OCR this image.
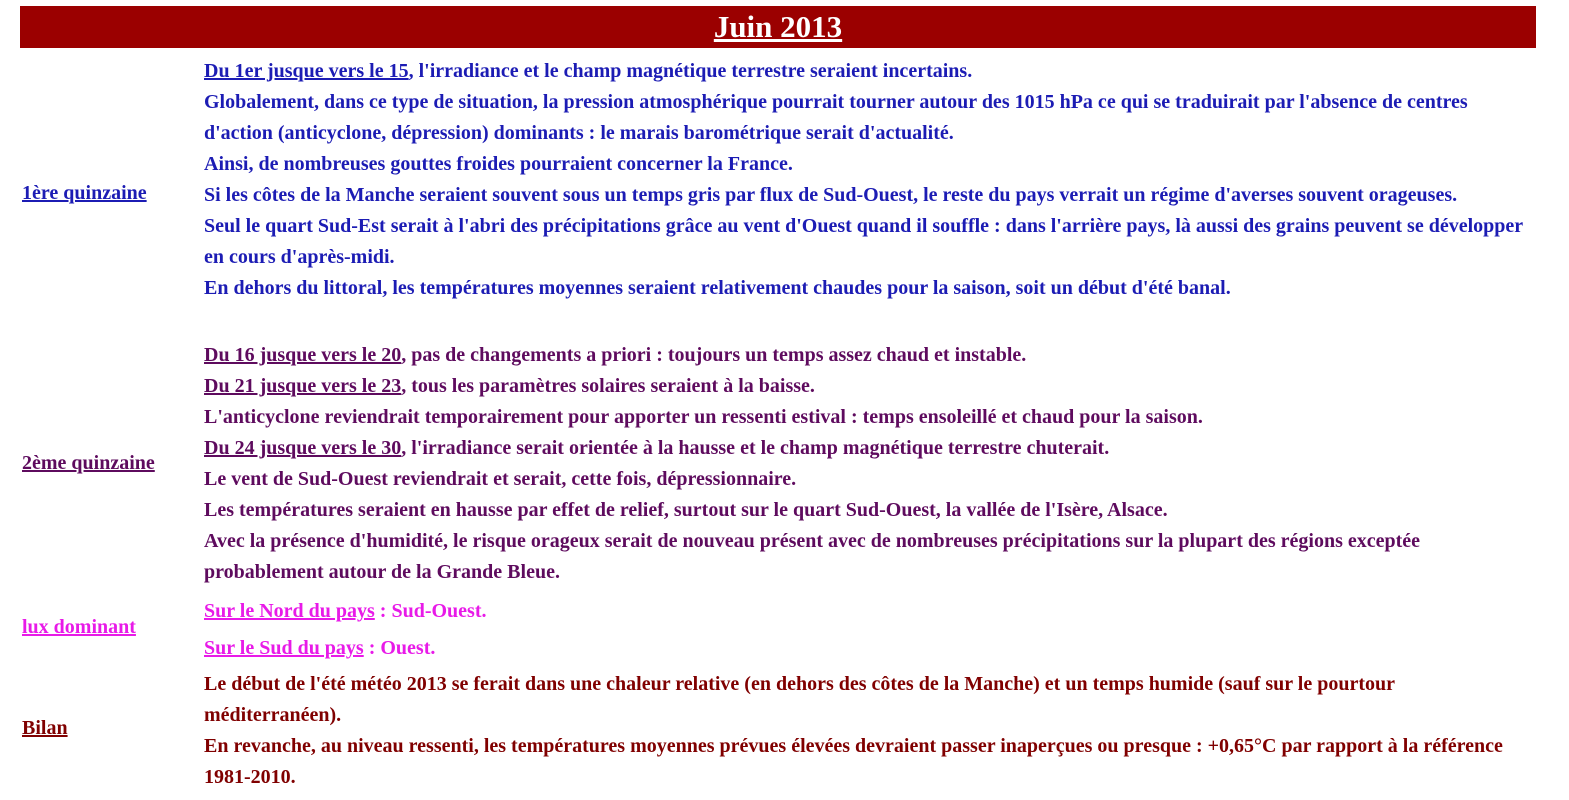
Juin 2013
1ère quinzaine

Du 1er jusque vers le 15, l'irradiance et le champ magnétique terrestre seraient incertains.

Globalement, dans ce type de situation, la pression atmosphérique pourrait tourner autour des 1015 hPa ce qui se traduirait par l'absence de centres d'action (anticyclone, dépression) dominants : le marais barométrique serait d'actualité.

Ainsi, de nombreuses gouttes froides pourraient concerner la France.

Si les côtes de la Manche seraient souvent sous un temps gris par flux de Sud-Ouest, le reste du pays verrait un régime d'averses souvent orageuses.

Seul le quart Sud-Est serait à l'abri des précipitations grâce au vent d'Ouest quand il souffle : dans l'arrière pays, là aussi des grains peuvent se développer en cours d'après-midi.

En dehors du littoral, les températures moyennes seraient relativement chaudes pour la saison, soit un début d'été banal.

2ème quinzaine

Du 16 jusque vers le 20, pas de changements a priori : toujours un temps assez chaud et instable.

Du 21 jusque vers le 23, tous les paramètres solaires seraient à la baisse.

L'anticyclone reviendrait temporairement pour apporter un ressenti estival : temps ensoleillé et chaud pour la saison.

Du 24 jusque vers le 30, l'irradiance serait orientée à la hausse et le champ magnétique terrestre chuterait.

Le vent de Sud-Ouest reviendrait et serait, cette fois, dépressionnaire.

Les températures seraient en hausse par effet de relief, surtout sur le quart Sud-Ouest, la vallée de l'Isère, Alsace.

Avec la présence d'humidité, le risque orageux serait de nouveau présent avec de nombreuses précipitations sur la plupart des régions exceptée probablement autour de la Grande Bleue.

lux dominant

Sur le Nord du pays : Sud-Ouest.

Sur le Sud du pays : Ouest.

Bilan

Le début de l'été météo 2013 se ferait dans une chaleur relative (en dehors des côtes de la Manche) et un temps humide (sauf sur le pourtour méditerranéen).

En revanche, au niveau ressenti, les températures moyennes prévues élevées devraient passer inaperçues ou presque : +0,65°C par rapport à la référence 1981-2010.
